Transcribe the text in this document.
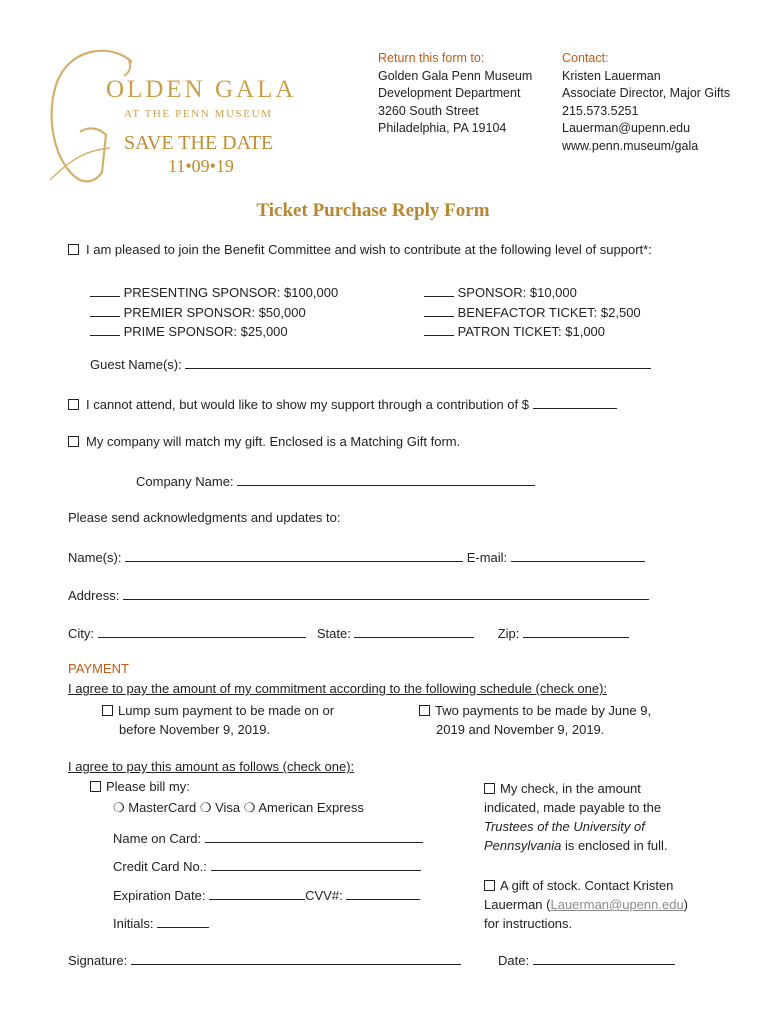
OLDEN GALA
AT THE PENN MUSEUM
SAVE THE DATE
11•09•19
Return this form to:
Golden Gala Penn Museum
Development Department
3260 South Street
Philadelphia, PA 19104
Contact:
Kristen Lauerman
Associate Director, Major Gifts
215.573.5251
Lauerman@upenn.edu
www.penn.museum/gala
Ticket Purchase Reply Form
I am pleased to join the Benefit Committee and wish to contribute at the following level of support*:
PRESENTING SPONSOR: $100,000
PREMIER SPONSOR: $50,000
PRIME SPONSOR: $25,000
SPONSOR: $10,000
BENEFACTOR TICKET: $2,500
PATRON TICKET: $1,000
Guest Name(s):
I cannot attend, but would like to show my support through a contribution of $
My company will match my gift. Enclosed is a Matching Gift form.
Company Name:
Please send acknowledgments and updates to:
Name(s):	E-mail:
Address:
City:	State:	Zip:
PAYMENT
I agree to pay the amount of my commitment according to the following schedule (check one):
Lump sum payment to be made on or
before November 9, 2019.
Two payments to be made by June 9,
2019 and November 9, 2019.
I agree to pay this amount as follows (check one):
Please bill my:
❍ MasterCard ❍ Visa ❍ American Express
Name on Card:
Credit Card No.:
Expiration Date:	CVV#:
Initials:
My check, in the amount
indicated, made payable to the
Trustees of the University of
Pennsylvania is enclosed in full.
A gift of stock. Contact Kristen
Lauerman (Lauerman@upenn.edu)
for instructions.
Signature:	Date:
